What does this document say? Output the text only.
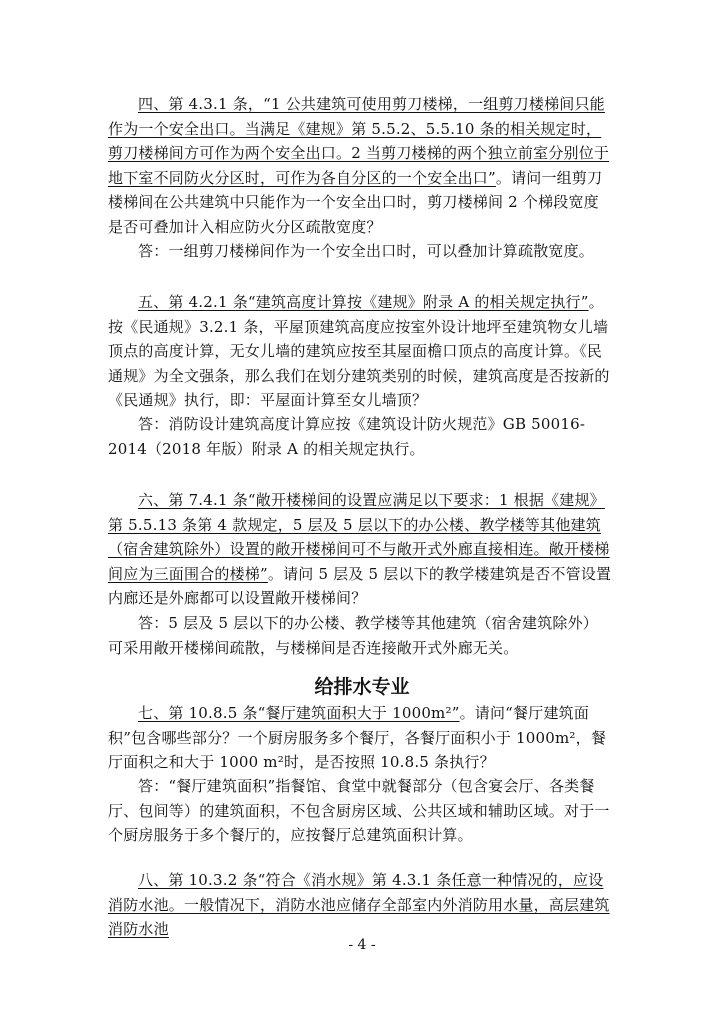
四、第 4.3.1 条，“1 公共建筑可使用剪刀楼梯，一组剪刀楼梯间只能作为一个安全出口。当满足《建规》第 5.5.2、5.5.10 条的相关规定时，剪刀楼梯间方可作为两个安全出口。2 当剪刀楼梯的两个独立前室分别位于地下室不同防火分区时，可作为各自分区的一个安全出口”。请问一组剪刀楼梯间在公共建筑中只能作为一个安全出口时，剪刀楼梯间 2 个梯段宽度是否可叠加计入相应防火分区疏散宽度？

答：一组剪刀楼梯间作为一个安全出口时，可以叠加计算疏散宽度。

五、第 4.2.1 条“建筑高度计算按《建规》附录 A 的相关规定执行”。按《民通规》3.2.1 条，平屋顶建筑高度应按室外设计地坪至建筑物女儿墙顶点的高度计算，无女儿墙的建筑应按至其屋面檐口顶点的高度计算。《民通规》为全文强条，那么我们在划分建筑类别的时候，建筑高度是否按新的《民通规》执行，即：平屋面计算至女儿墙顶？

答：消防设计建筑高度计算应按《建筑设计防火规范》GB 50016-2014（2018 年版）附录 A 的相关规定执行。

六、第 7.4.1 条“敞开楼梯间的设置应满足以下要求：1 根据《建规》第 5.5.13 条第 4 款规定，5 层及 5 层以下的办公楼、教学楼等其他建筑（宿舍建筑除外）设置的敞开楼梯间可不与敞开式外廊直接相连。敞开楼梯间应为三面围合的楼梯”。请问 5 层及 5 层以下的教学楼建筑是否不管设置内廊还是外廊都可以设置敞开楼梯间？

答：5 层及 5 层以下的办公楼、教学楼等其他建筑（宿舍建筑除外）可采用敞开楼梯间疏散，与楼梯间是否连接敞开式外廊无关。

给排水专业

七、第 10.8.5 条“餐厅建筑面积大于 1000m²”。请问“餐厅建筑面积”包含哪些部分？一个厨房服务多个餐厅，各餐厅面积小于 1000m²，餐厅面积之和大于 1000 m²时，是否按照 10.8.5 条执行？

答：“餐厅建筑面积”指餐馆、食堂中就餐部分（包含宴会厅、各类餐厅、包间等）的建筑面积，不包含厨房区域、公共区域和辅助区域。对于一个厨房服务于多个餐厅的，应按餐厅总建筑面积计算。

八、第 10.3.2 条“符合《消水规》第 4.3.1 条任意一种情况的，应设消防水池。一般情况下，消防水池应储存全部室内外消防用水量，高层建筑消防水池

- 4 -
